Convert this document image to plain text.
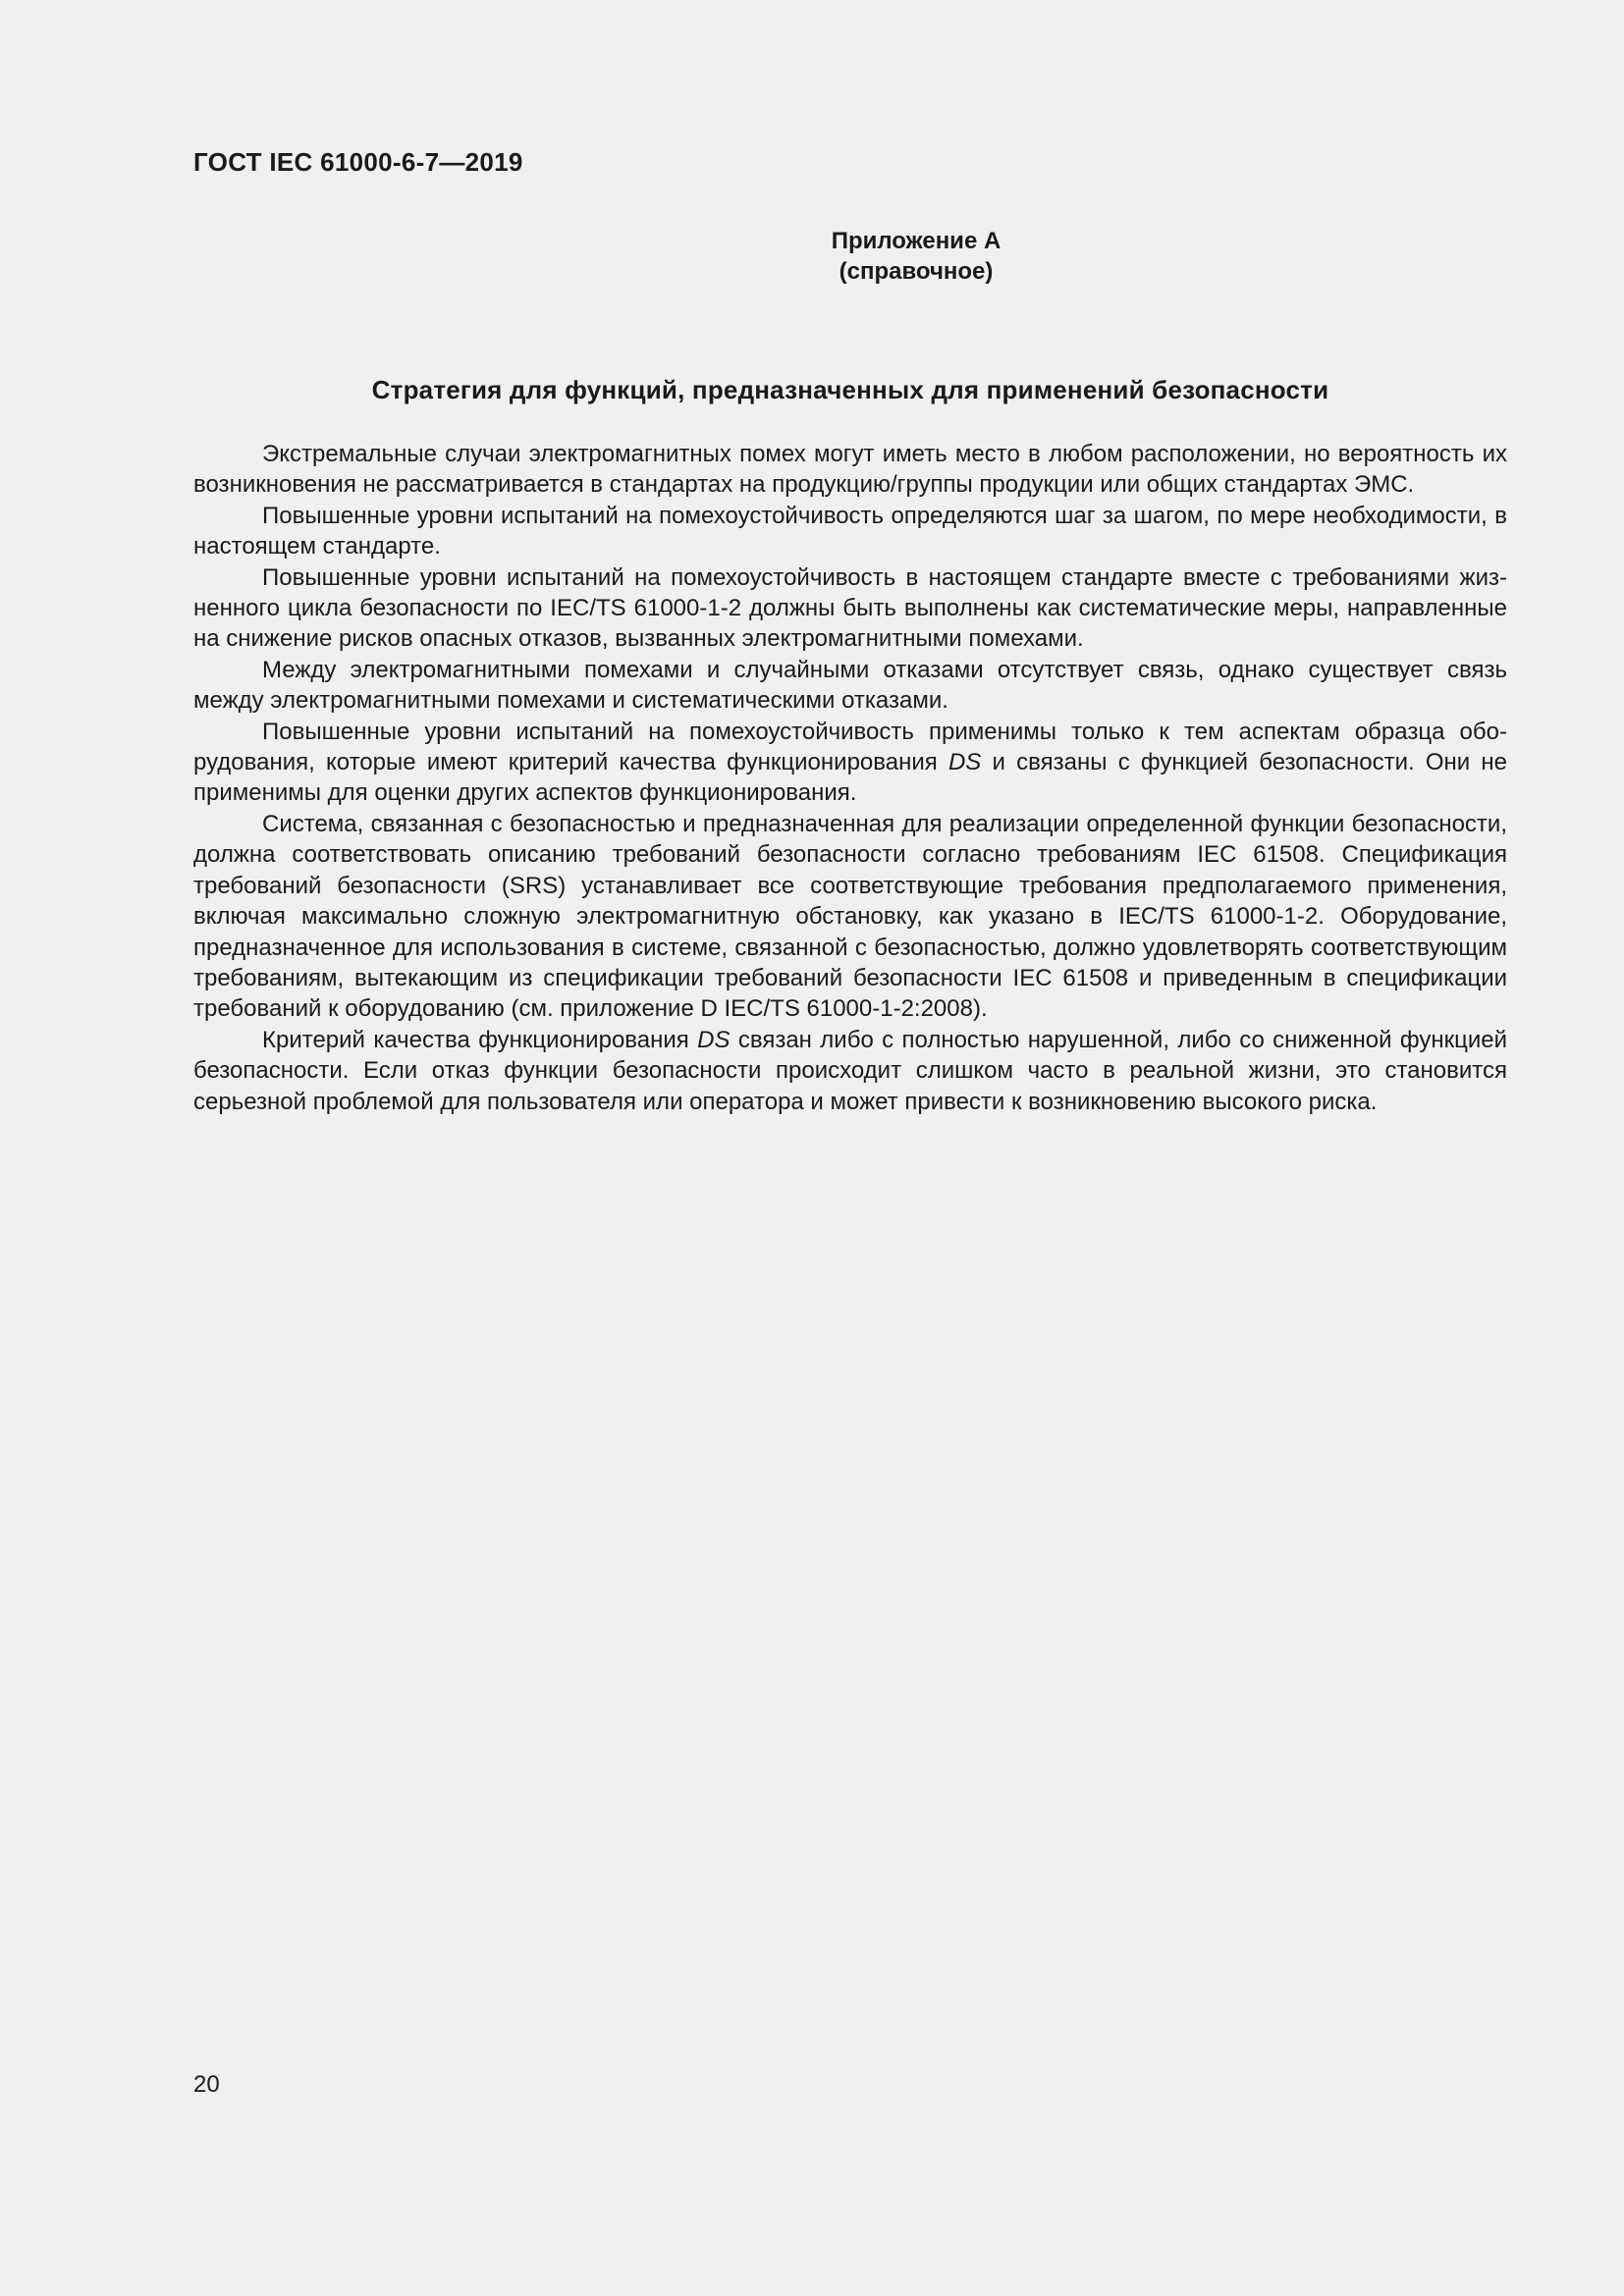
ГОСТ IEC 61000-6-7—2019
Приложение А
(справочное)
Стратегия для функций, предназначенных для применений безопасности

Экстремальные случаи электромагнитных помех могут иметь место в любом расположении, но вероятность их возникновения не рассматривается в стандартах на продукцию/группы продукции или общих стандартах ЭМС.

Повышенные уровни испытаний на помехоустойчивость определяются шаг за шагом, по мере необходимости, в настоящем стандарте.

Повышенные уровни испытаний на помехоустойчивость в настоящем стандарте вместе с требованиями жизненного цикла безопасности по IEC/TS 61000-1-2 должны быть выполнены как систематические меры, направленные на снижение рисков опасных отказов, вызванных электромагнитными помехами.

Между электромагнитными помехами и случайными отказами отсутствует связь, однако существует связь между электромагнитными помехами и систематическими отказами.

Повышенные уровни испытаний на помехоустойчивость применимы только к тем аспектам образца оборудования, которые имеют критерий качества функционирования DS и связаны с функцией безопасности. Они не применимы для оценки других аспектов функционирования.

Система, связанная с безопасностью и предназначенная для реализации определенной функции безопасности, должна соответствовать описанию требований безопасности согласно требованиям IEC 61508. Спецификация требований безопасности (SRS) устанавливает все соответствующие требования предполагаемого применения, включая максимально сложную электромагнитную обстановку, как указано в IEC/TS 61000-1-2. Оборудование, предназначенное для использования в системе, связанной с безопасностью, должно удовлетворять соответствующим требованиям, вытекающим из спецификации требований безопасности IEC 61508 и приведенным в спецификации требований к оборудованию (см. приложение D IEC/TS 61000-1-2:2008).

Критерий качества функционирования DS связан либо с полностью нарушенной, либо со сниженной функцией безопасности. Если отказ функции безопасности происходит слишком часто в реальной жизни, это становится серьезной проблемой для пользователя или оператора и может привести к возникновению высокого риска.

20
